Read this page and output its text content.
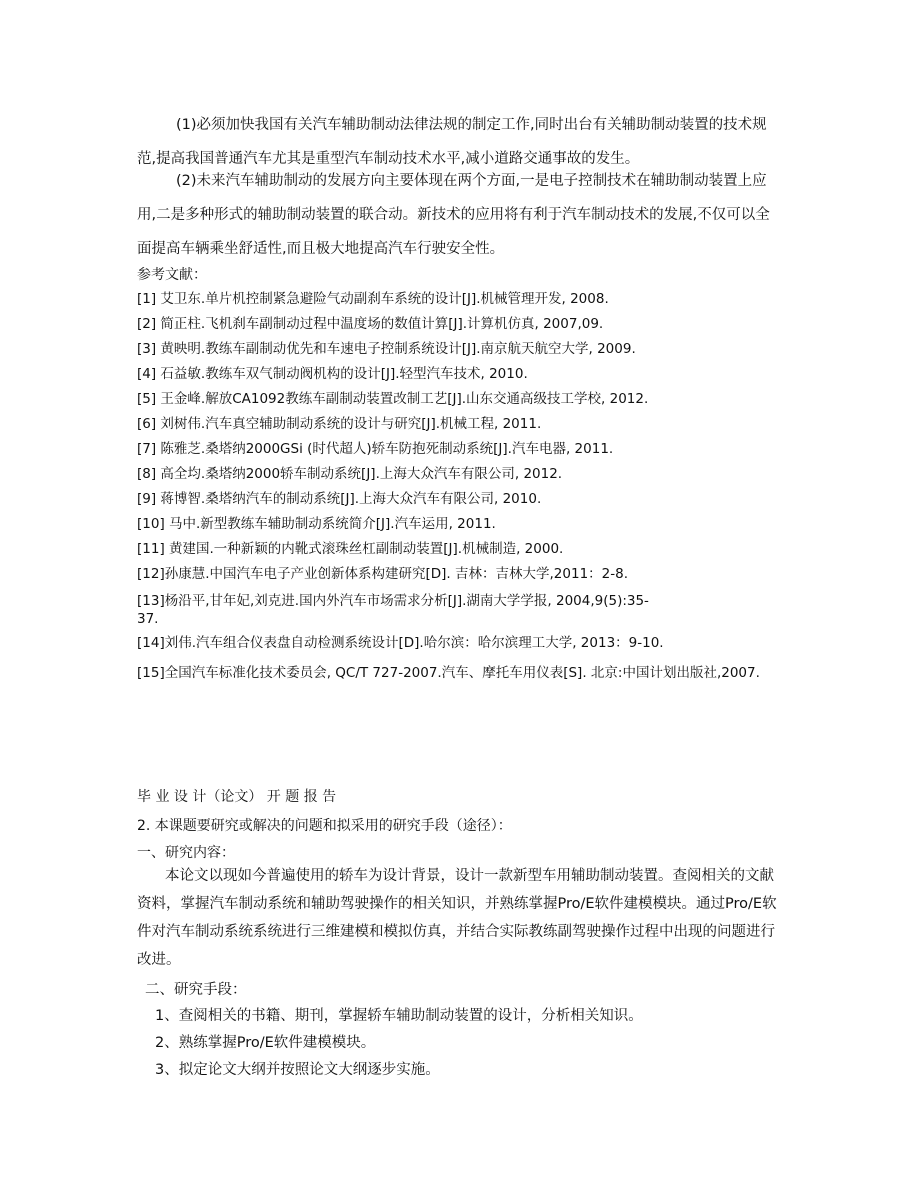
(1)必须加快我国有关汽车辅助制动法律法规的制定工作,同时出台有关辅助制动装置的技术规范,提高我国普通汽车尤其是重型汽车制动技术水平,减小道路交通事故的发生。
(2)未来汽车辅助制动的发展方向主要体现在两个方面,一是电子控制技术在辅助制动装置上应用,二是多种形式的辅助制动装置的联合动。新技术的应用将有利于汽车制动技术的发展,不仅可以全面提高车辆乘坐舒适性,而且极大地提高汽车行驶安全性。
参考文献：
[1] 艾卫东.单片机控制紧急避险气动副刹车系统的设计[J].机械管理开发, 2008.
[2] 简正柱.飞机刹车副制动过程中温度场的数值计算[J].计算机仿真, 2007,09.
[3] 黄映明.教练车副制动优先和车速电子控制系统设计[J].南京航天航空大学, 2009.
[4] 石益敏.教练车双气制动阀机构的设计[J].轻型汽车技术, 2010.
[5] 王金峰.解放CA1092教练车副制动装置改制工艺[J].山东交通高级技工学校, 2012.
[6] 刘树伟.汽车真空辅助制动系统的设计与研究[J].机械工程, 2011.
[7] 陈雅芝.桑塔纳2000GSi (时代超人)轿车防抱死制动系统[J].汽车电器, 2011.
[8] 高全均.桑塔纳2000轿车制动系统[J].上海大众汽车有限公司, 2012.
[9] 蒋博智.桑塔纳汽车的制动系统[J].上海大众汽车有限公司, 2010.
[10] 马中.新型教练车辅助制动系统简介[J].汽车运用, 2011.
[11] 黄建国.一种新颖的内靴式滚珠丝杠副制动装置[J].机械制造, 2000.
[12]孙康慧.中国汽车电子产业创新体系构建研究[D]. 吉林：吉林大学,2011：2-8.
[13]杨沿平,甘年妃,刘克进.国内外汽车市场需求分析[J].湖南大学学报, 2004,9(5):35-37.
[14]刘伟.汽车组合仪表盘自动检测系统设计[D].哈尔滨：哈尔滨理工大学, 2013：9-10.
[15]全国汽车标准化技术委员会, QC/T 727-2007.汽车、摩托车用仪表[S]. 北京:中国计划出版社,2007.
毕 业 设 计（论文） 开 题 报 告
2. 本课题要研究或解决的问题和拟采用的研究手段（途径）：
一、研究内容：
本论文以现如今普遍使用的轿车为设计背景，设计一款新型车用辅助制动装置。查阅相关的文献资料，掌握汽车制动系统和辅助驾驶操作的相关知识，并熟练掌握Pro/E软件建模模块。通过Pro/E软件对汽车制动系统系统进行三维建模和模拟仿真，并结合实际教练副驾驶操作过程中出现的问题进行改进。
二、研究手段：
1、查阅相关的书籍、期刊，掌握轿车辅助制动装置的设计，分析相关知识。
2、熟练掌握Pro/E软件建模模块。
3、拟定论文大纲并按照论文大纲逐步实施。
